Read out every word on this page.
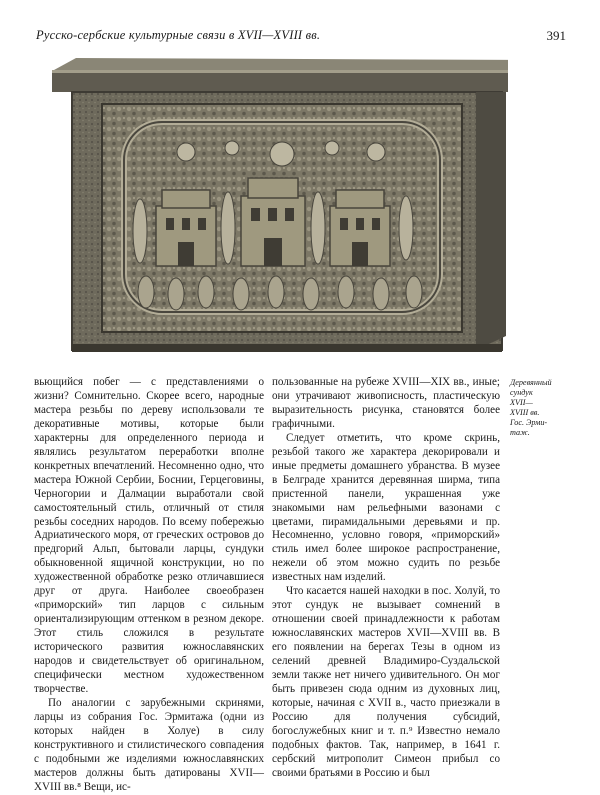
Русско-сербские культурные связи в XVII—XVIII вв.	391
Деревянный
сундук
XVII—
XVIII вв.
Гос. Эрми-
таж.

вьющийся побег — с представлениями о жизни? Сомнительно. Скорее всего, народные мастера резьбы по дереву использовали те декоративные мотивы, которые были характерны для определенного периода и являлись результатом переработки вполне конкретных впечатлений. Несомненно одно, что мастера Южной Сербии, Боснии, Герцеговины, Черногории и Далмации выработали свой самостоятельный стиль, отличный от стиля резьбы соседних народов. По всему побережью Адриатического моря, от греческих островов до предгорий Альп, бытовали ларцы, сундуки обыкновенной ящичной конструкции, но по художественной обработке резко отличавшиеся друг от друга. Наиболее своеобразен «приморский» тип ларцов с сильным ориентализирующим оттенком в резном декоре. Этот стиль сложился в результате исторического развития южнославянских народов и свидетельствует об оригинальном, специфически местном художественном творчестве.

По аналогии с зарубежными скринями, ларцы из собрания Гос. Эрмитажа (одни из которых найден в Холуе) в силу конструктивного и стилистического совпадения с подобными же изделиями южнославянских мастеров должны быть датированы XVII—XVIII вв.⁸ Вещи, ис-

пользованные на рубеже XVIII—XIX вв., иные; они утрачивают живописность, пластическую выразительность рисунка, становятся более графичными.

Следует отметить, что кроме скринь, резьбой такого же характера декорировали и иные предметы домашнего убранства. В музее в Белграде хранится деревянная ширма, типа пристенной панели, украшенная уже знакомыми нам рельефными вазонами с цветами, пирамидальными деревьями и пр. Несомненно, условно говоря, «приморский» стиль имел более широкое распространение, нежели об этом можно судить по резьбе известных нам изделий.

Что касается нашей находки в пос. Холуй, то этот сундук не вызывает сомнений в отношении своей принадлежности к работам южнославянских мастеров XVII—XVIII вв. В его появлении на берегах Тезы в одном из селений древней Владимиро-Суздальской земли также нет ничего удивительного. Он мог быть привезен сюда одним из духовных лиц, которые, начиная с XVII в., часто приезжали в Россию для получения субсидий, богослужебных книг и т. п.⁹ Известно немало подобных фактов. Так, например, в 1641 г. сербский митрополит Симеон прибыл со своими братьями в Россию и был
